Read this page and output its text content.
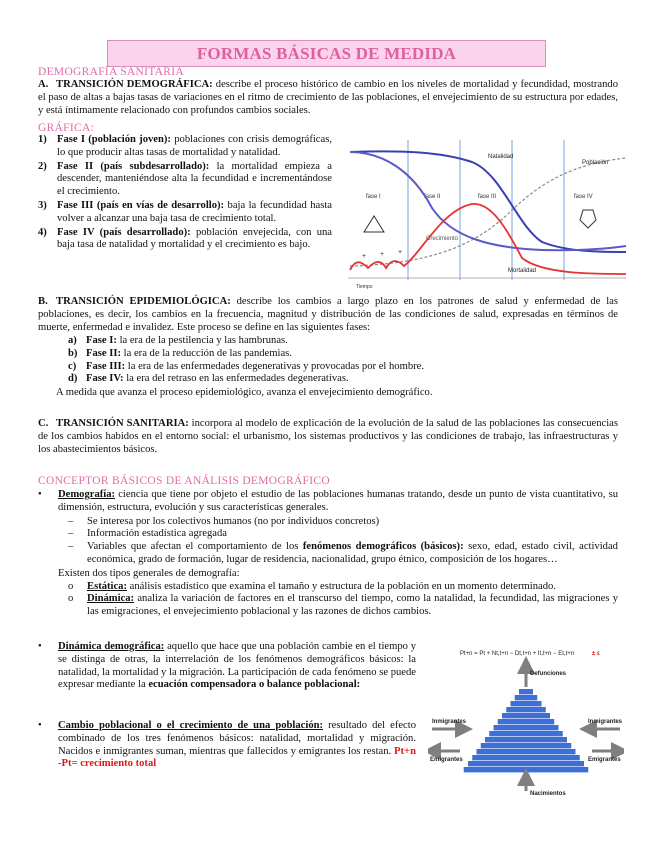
FORMAS BÁSICAS DE MEDIDA
DEMOGRAFÍA SANITARIA
A. TRANSICIÓN DEMOGRÁFICA: describe el proceso histórico de cambio en los niveles de mortalidad y fecundidad, mostrando el paso de altas a bajas tasas de variaciones en el ritmo de crecimiento de las poblaciones, el envejecimiento de su estructura por edades, y está íntimamente relacionado con profundos cambios sociales.
GRÁFICA:
1) Fase I (población joven): poblaciones con crisis demográficas, lo que producir altas tasas de mortalidad y natalidad.
2) Fase II (país subdesarrollado): la mortalidad empieza a descender, manteniéndose alta la fecundidad e incrementándose el crecimiento.
3) Fase III (país en vías de desarrollo): baja la fecundidad hasta volver a alcanzar una baja tasa de crecimiento total.
4) Fase IV (país desarrollado): población envejecida, con una baja tasa de natalidad y mortalidad y el crecimiento es bajo.
fase I	fase II	fase III	fase IV
+ + +
Natalidad
Población
Crecimiento
Mortalidad
Tiempo
B. TRANSICIÓN EPIDEMIOLÓGICA: describe los cambios a largo plazo en los patrones de salud y enfermedad de las poblaciones, es decir, los cambios en la frecuencia, magnitud y distribución de las condiciones de salud, expresadas en términos de muerte, enfermedad e invalidez. Este proceso se define en las siguientes fases:
a) Fase I: la era de la pestilencia y las hambrunas.
b) Fase II: la era de la reducción de las pandemias.
c) Fase III: la era de las enfermedades degenerativas y provocadas por el hombre.
d) Fase IV: la era del retraso en las enfermedades degenerativas.
A medida que avanza el proceso epidemiológico, avanza el envejecimiento demográfico.
C. TRANSICIÓN SANITARIA: incorpora al modelo de explicación de la evolución de la salud de las poblaciones las consecuencias de los cambios habidos en el entorno social: el urbanismo, los sistemas productivos y las condiciones de trabajo, las infraestructuras y los abastecimientos básicos.
CONCEPTOR BÁSICOS DE ANÁLISIS DEMOGRÁFICO
• Demografía: ciencia que tiene por objeto el estudio de las poblaciones humanas tratando, desde un punto de vista cuantitativo, su dimensión, estructura, evolución y sus características generales.
– Se interesa por los colectivos humanos (no por individuos concretos)
– Información estadística agregada
– Variables que afectan el comportamiento de los fenómenos demográficos (básicos): sexo, edad, estado civil, actividad económica, grado de formación, lugar de residencia, nacionalidad, grupo étnico, composición de los hogares…
Existen dos tipos generales de demografía:
o Estática: análisis estadístico que examina el tamaño y estructura de la población en un momento determinado.
o Dinámica: analiza la variación de factores en el transcurso del tiempo, como la natalidad, la fecundidad, las migraciones y las emigraciones, el envejecimiento poblacional y las razones de dichos cambios.
• Dinámica demográfica: aquello que hace que una población cambie en el tiempo y se distinga de otras, la interrelación de los fenómenos demográficos básicos: la natalidad, la mortalidad y la migración. La participación de cada fenómeno se puede expresar mediante la ecuación compensadora o balance poblacional:
• Cambio poblacional o el crecimiento de una población: resultado del efecto combinado de los tres fenómenos básicos: natalidad, mortalidad y migración. Nacidos e inmigrantes suman, mientras que fallecidos y emigrantes los restan. Pt+n -Pt= crecimiento total
Pt+n = Pt + Nt,t+n − Dt,t+n + It,t+n − Et,t+n	± ε
Defunciones
Inmigrantes
Emigrantes
Inmigrantes
Emigrantes
Nacimientos
